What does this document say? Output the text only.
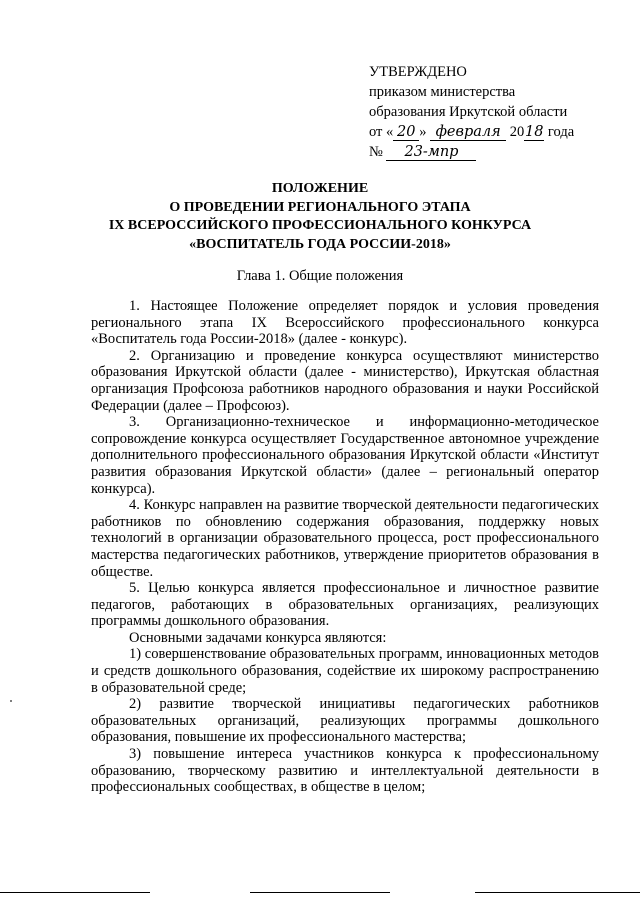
УТВЕРЖДЕНО
приказом министерства
образования Иркутской области
от « 20 » февраля 2018 года
№ 23-мпр
ПОЛОЖЕНИЕ
О ПРОВЕДЕНИИ РЕГИОНАЛЬНОГО ЭТАПА
IX ВСЕРОССИЙСКОГО ПРОФЕССИОНАЛЬНОГО КОНКУРСА
«ВОСПИТАТЕЛЬ ГОДА РОССИИ-2018»
Глава 1. Общие положения

1. Настоящее Положение определяет порядок и условия проведения регионального этапа IX Всероссийского профессионального конкурса «Воспитатель года России-2018» (далее - конкурс).

2. Организацию и проведение конкурса осуществляют министерство образования Иркутской области (далее - министерство), Иркутская областная организация Профсоюза работников народного образования и науки Российской Федерации (далее – Профсоюз).

3. Организационно-техническое и информационно-методическое сопровождение конкурса осуществляет Государственное автономное учреждение дополнительного профессионального образования Иркутской области «Институт развития образования Иркутской области» (далее – региональный оператор конкурса).

4. Конкурс направлен на развитие творческой деятельности педагогических работников по обновлению содержания образования, поддержку новых технологий в организации образовательного процесса, рост профессионального мастерства педагогических работников, утверждение приоритетов образования в обществе.

5. Целью конкурса является профессиональное и личностное развитие педагогов, работающих в образовательных организациях, реализующих программы дошкольного образования.

Основными задачами конкурса являются:

1) совершенствование образовательных программ, инновационных методов и средств дошкольного образования, содействие их широкому распространению в образовательной среде;

2) развитие творческой инициативы педагогических работников образовательных организаций, реализующих программы дошкольного образования, повышение их профессионального мастерства;

3) повышение интереса участников конкурса к профессиональному образованию, творческому развитию и интеллектуальной деятельности в профессиональных сообществах, в обществе в целом;
